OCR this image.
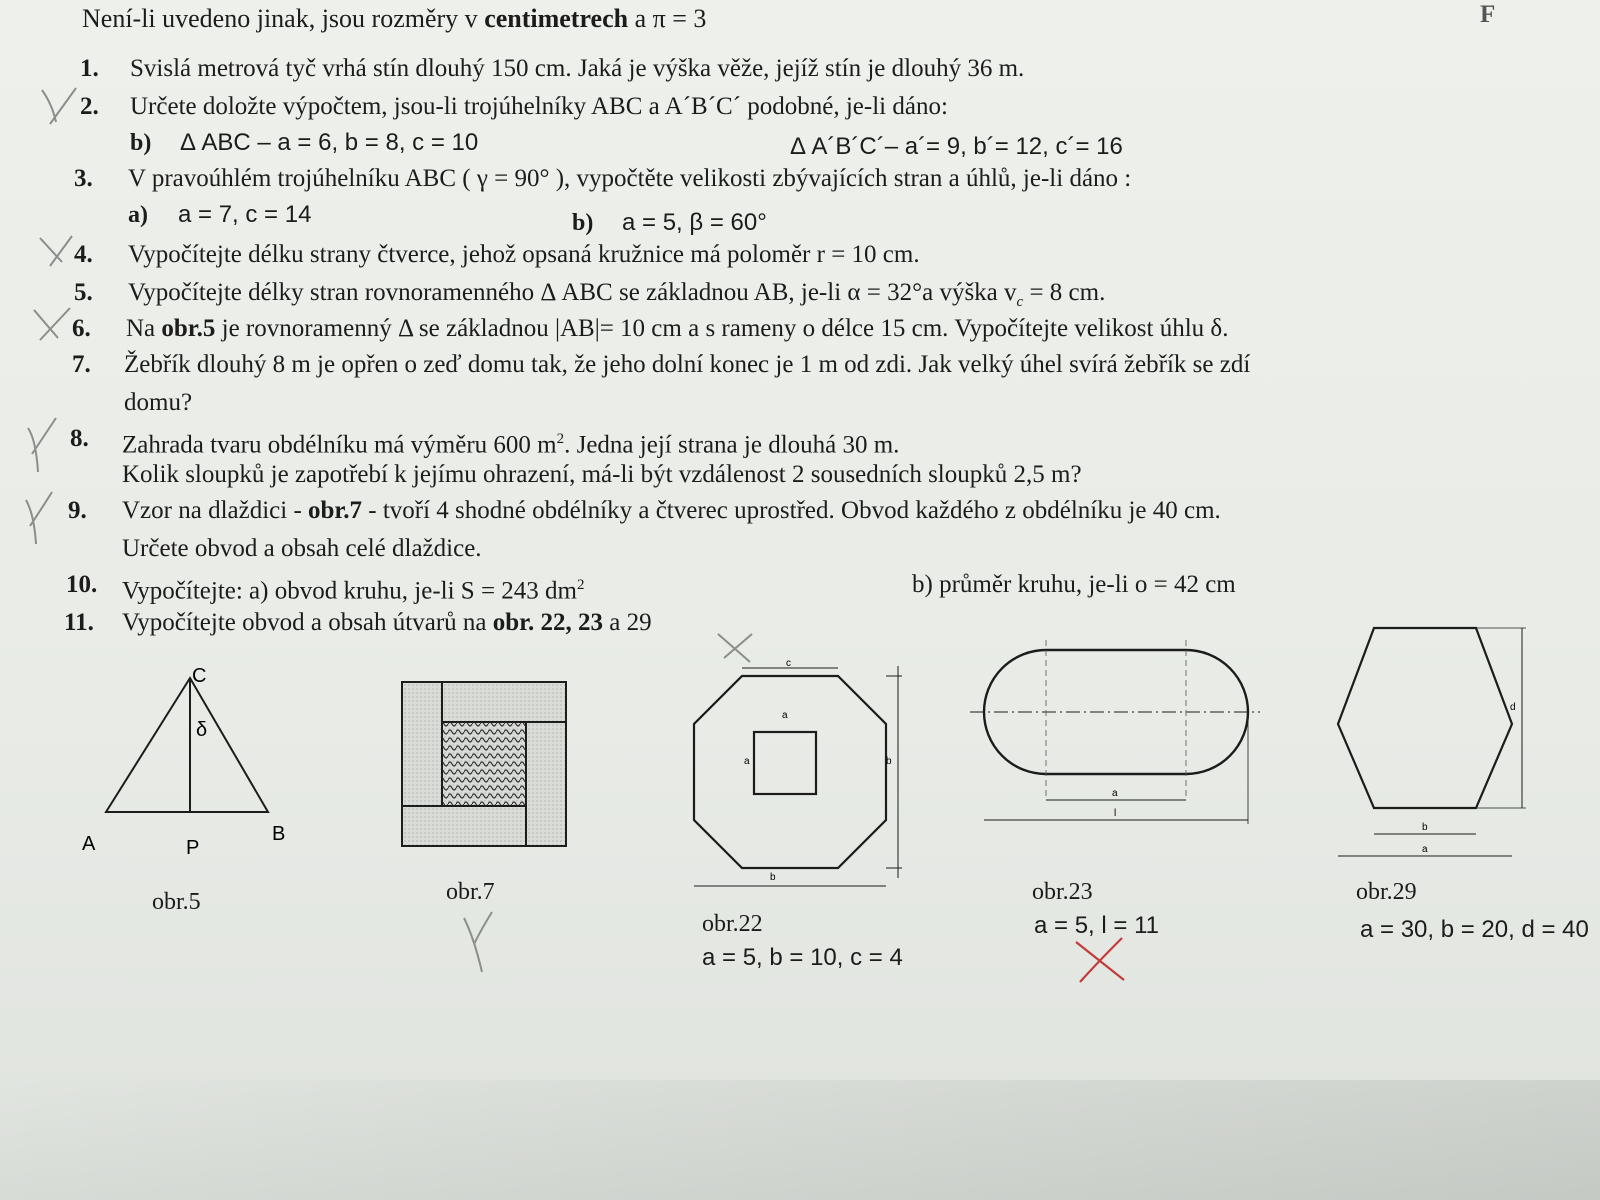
Není-li uvedeno jinak, jsou rozměry v centimetrech a π = 3	F
1. Svislá metrová tyč vrhá stín dlouhý 150 cm. Jaká je výška věže, jejíž stín je dlouhý 36 m.
2. Určete doložte výpočtem, jsou-li trojúhelníky ABC a A´B´C´ podobné, je-li dáno:
b) Δ ABC – a = 6, b = 8, c = 10	Δ A´B´C´– a´= 9, b´= 12, c´= 16
3. V pravoúhlém trojúhelníku ABC ( γ = 90° ), vypočtěte velikosti zbývajících stran a úhlů, je-li dáno :
a) a = 7, c = 14	b) a = 5, β = 60°
4. Vypočítejte délku strany čtverce, jehož opsaná kružnice má poloměr r = 10 cm.
5. Vypočítejte délky stran rovnoramenného Δ ABC se základnou AB, je-li α = 32°a výška $v_c = 8$ cm.
6. Na obr.5 je rovnoramenný Δ se základnou |AB|= 10 cm a s rameny o délce 15 cm. Vypočítejte velikost úhlu δ.
7. Žebřík dlouhý 8 m je opřen o zeď domu tak, že jeho dolní konec je 1 m od zdi. Jak velký úhel svírá žebřík se zdí
domu?
8. Zahrada tvaru obdélníku má výměru 600 $m^2$. Jedna její strana je dlouhá 30 m.
Kolik sloupků je zapotřebí k jejímu ohrazení, má-li být vzdálenost 2 sousedních sloupků 2,5 m?
9. Vzor na dlaždici - obr.7 - tvoří 4 shodné obdélníky a čtverec uprostřed. Obvod každého z obdélníku je 40 cm.
Určete obvod a obsah celé dlaždice.
10. Vypočítejte: a) obvod kruhu, je-li S = 243 $dm^2$	b) průměr kruhu, je-li o = 42 cm
11. Vypočítejte obvod a obsah útvarů na obr. 22, 23 a 29
C
δ
A	P
B
obr.5	obr.7
c
a
a	b
b
obr.22
a = 5, b = 10, c = 4
a
l
obr.23
a = 5, l = 11
d
b
a
obr.29
a = 30, b = 20, d = 40
